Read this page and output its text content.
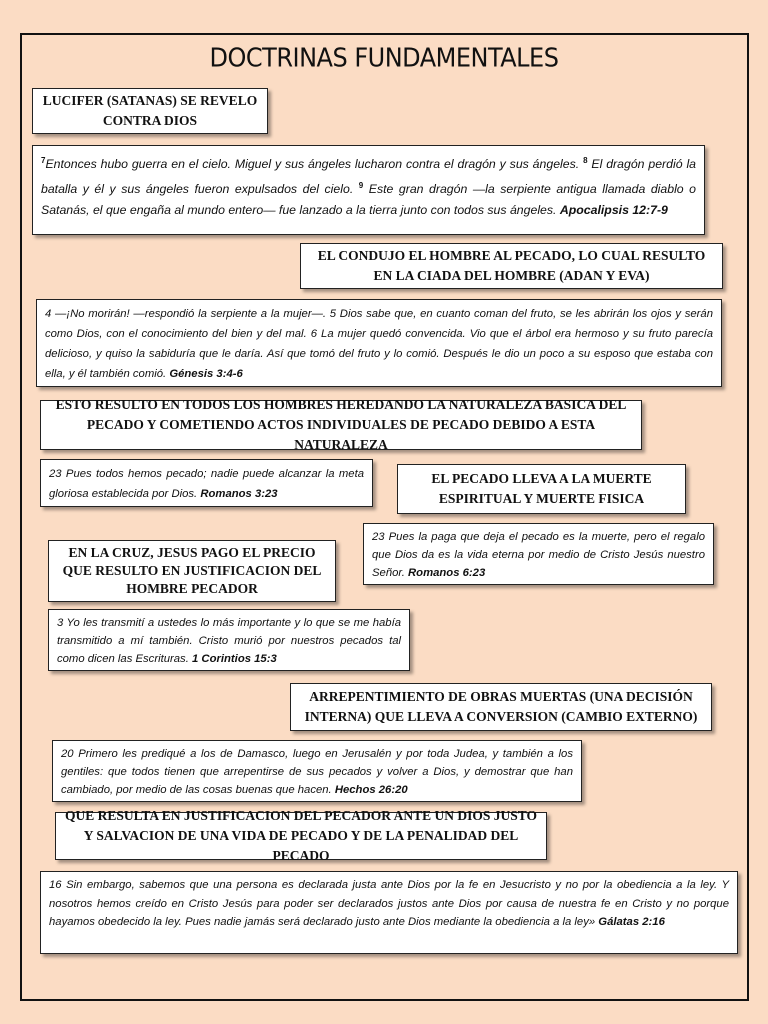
DOCTRINAS FUNDAMENTALES
LUCIFER (SATANAS) SE REVELO CONTRA DIOS
$^7$Entonces hubo guerra en el cielo. Miguel y sus ángeles lucharon contra el dragón y sus ángeles. $^8$ El dragón perdió la batalla y él y sus ángeles fueron expulsados del cielo. $^9$ Este gran dragón —la serpiente antigua llamada diablo o Satanás, el que engaña al mundo entero— fue lanzado a la tierra junto con todos sus ángeles. Apocalipsis 12:7-9
EL CONDUJO EL HOMBRE AL PECADO, LO CUAL RESULTO EN LA CIADA DEL HOMBRE (ADAN Y EVA)
4 —¡No morirán! —respondió la serpiente a la mujer—. 5 Dios sabe que, en cuanto coman del fruto, se les abrirán los ojos y serán como Dios, con el conocimiento del bien y del mal. 6 La mujer quedó convencida. Vio que el árbol era hermoso y su fruto parecía delicioso, y quiso la sabiduría que le daría. Así que tomó del fruto y lo comió. Después le dio un poco a su esposo que estaba con ella, y él también comió. Génesis 3:4-6
ESTO RESULTO EN TODOS LOS HOMBRES HEREDANDO LA NATURALEZA BASICA DEL PECADO Y COMETIENDO ACTOS INDIVIDUALES DE PECADO DEBIDO A ESTA NATURALEZA
23 Pues todos hemos pecado; nadie puede alcanzar la meta gloriosa establecida por Dios. Romanos 3:23
EL PECADO LLEVA A LA MUERTE ESPIRITUAL Y MUERTE FISICA
23 Pues la paga que deja el pecado es la muerte, pero el regalo que Dios da es la vida eterna por medio de Cristo Jesús nuestro Señor. Romanos 6:23
EN LA CRUZ, JESUS PAGO EL PRECIO QUE RESULTO EN JUSTIFICACION DEL HOMBRE PECADOR
3 Yo les transmití a ustedes lo más importante y lo que se me había transmitido a mí también. Cristo murió por nuestros pecados tal como dicen las Escrituras. 1 Corintios 15:3
ARREPENTIMIENTO DE OBRAS MUERTAS (UNA DECISIÓN INTERNA) QUE LLEVA A CONVERSION (CAMBIO EXTERNO)
20 Primero les prediqué a los de Damasco, luego en Jerusalén y por toda Judea, y también a los gentiles: que todos tienen que arrepentirse de sus pecados y volver a Dios, y demostrar que han cambiado, por medio de las cosas buenas que hacen. Hechos 26:20
QUE RESULTA EN JUSTIFICACION DEL PECADOR ANTE UN DIOS JUSTO Y SALVACION DE UNA VIDA DE PECADO Y DE LA PENALIDAD DEL PECADO
16 Sin embargo, sabemos que una persona es declarada justa ante Dios por la fe en Jesucristo y no por la obediencia a la ley. Y nosotros hemos creído en Cristo Jesús para poder ser declarados justos ante Dios por causa de nuestra fe en Cristo y no porque hayamos obedecido la ley. Pues nadie jamás será declarado justo ante Dios mediante la obediencia a la ley» Gálatas 2:16
